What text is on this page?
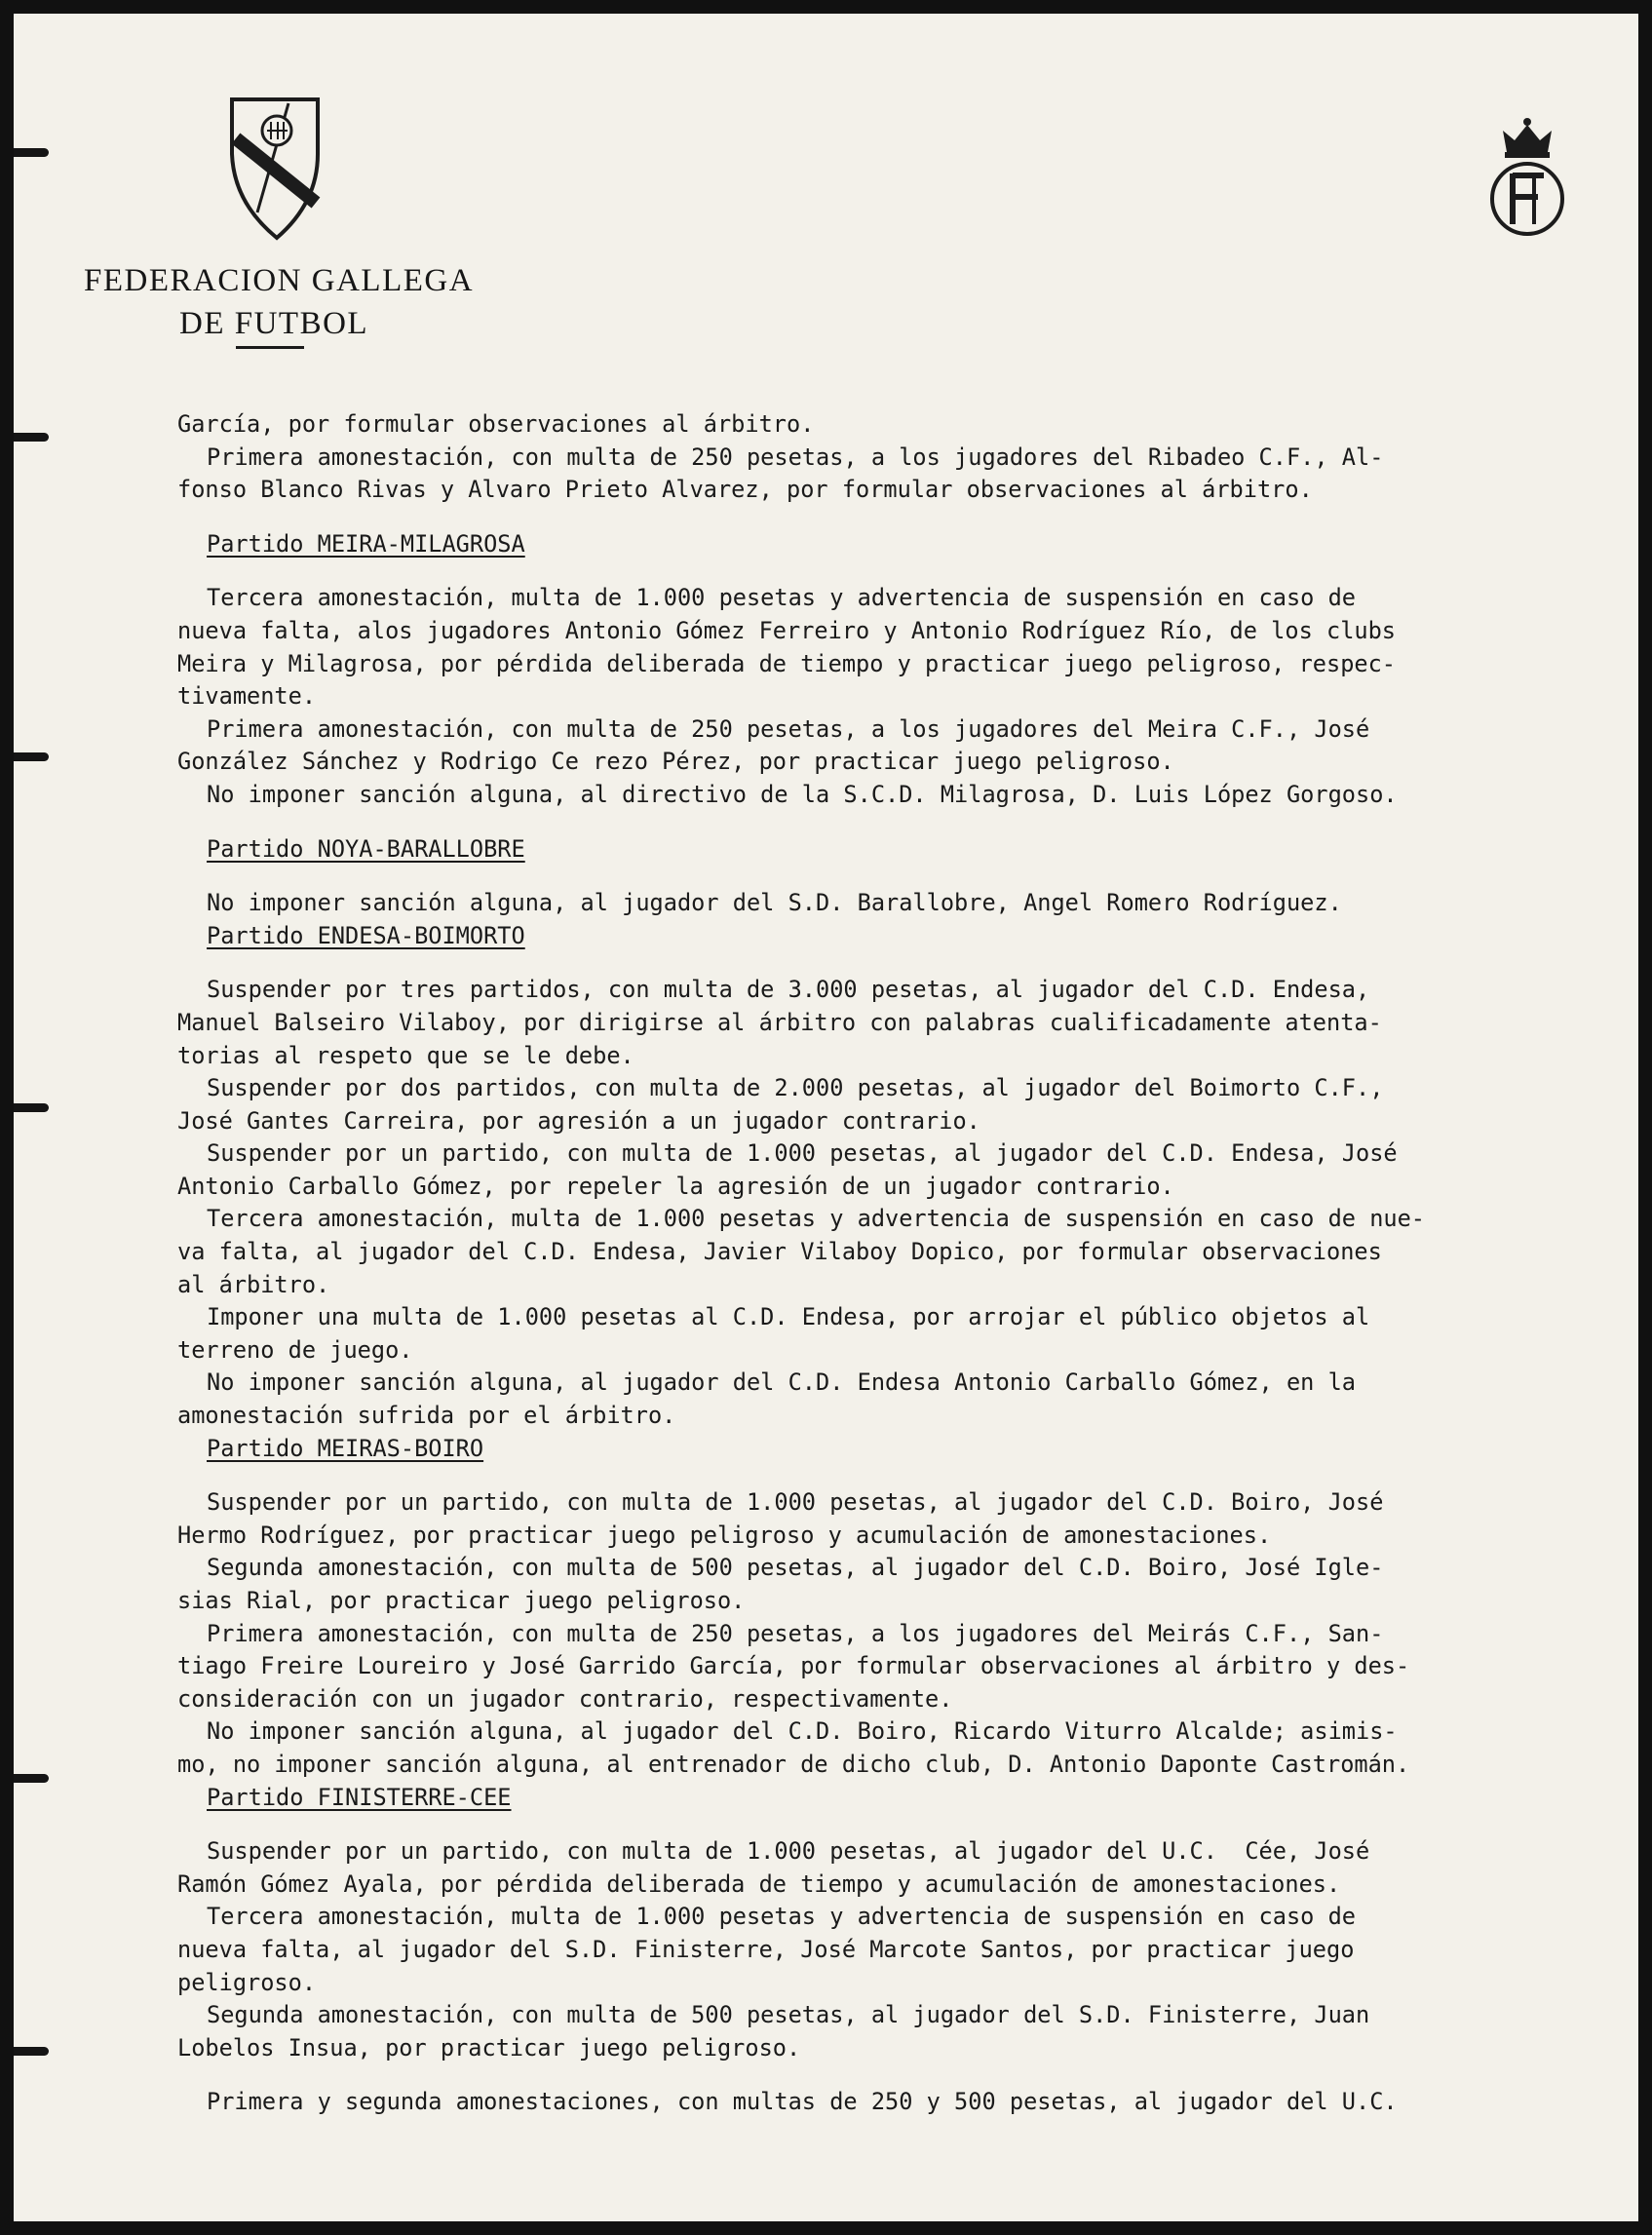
FEDERACION GALLEGA
DE FUTBOL
García, por formular observaciones al árbitro.
Primera amonestación, con multa de 250 pesetas, a los jugadores del Ribadeo C.F., Al-
fonso Blanco Rivas y Alvaro Prieto Alvarez, por formular observaciones al árbitro.
Partido MEIRA-MILAGROSA
Tercera amonestación, multa de 1.000 pesetas y advertencia de suspensión en caso de
nueva falta, alos jugadores Antonio Gómez Ferreiro y Antonio Rodríguez Río, de los clubs
Meira y Milagrosa, por pérdida deliberada de tiempo y practicar juego peligroso, respec-
tivamente.
Primera amonestación, con multa de 250 pesetas, a los jugadores del Meira C.F., José
González Sánchez y Rodrigo Ce rezo Pérez, por practicar juego peligroso.
No imponer sanción alguna, al directivo de la S.C.D. Milagrosa, D. Luis López Gorgoso.
Partido NOYA-BARALLOBRE
No imponer sanción alguna, al jugador del S.D. Barallobre, Angel Romero Rodríguez.
Partido ENDESA-BOIMORTO
Suspender por tres partidos, con multa de 3.000 pesetas, al jugador del C.D. Endesa,
Manuel Balseiro Vilaboy, por dirigirse al árbitro con palabras cualificadamente atenta-
torias al respeto que se le debe.
Suspender por dos partidos, con multa de 2.000 pesetas, al jugador del Boimorto C.F.,
José Gantes Carreira, por agresión a un jugador contrario.
Suspender por un partido, con multa de 1.000 pesetas, al jugador del C.D. Endesa, José
Antonio Carballo Gómez, por repeler la agresión de un jugador contrario.
Tercera amonestación, multa de 1.000 pesetas y advertencia de suspensión en caso de nue-
va falta, al jugador del C.D. Endesa, Javier Vilaboy Dopico, por formular observaciones
al árbitro.
Imponer una multa de 1.000 pesetas al C.D. Endesa, por arrojar el público objetos al
terreno de juego.
No imponer sanción alguna, al jugador del C.D. Endesa Antonio Carballo Gómez, en la
amonestación sufrida por el árbitro.
Partido MEIRAS-BOIRO
Suspender por un partido, con multa de 1.000 pesetas, al jugador del C.D. Boiro, José
Hermo Rodríguez, por practicar juego peligroso y acumulación de amonestaciones.
Segunda amonestación, con multa de 500 pesetas, al jugador del C.D. Boiro, José Igle-
sias Rial, por practicar juego peligroso.
Primera amonestación, con multa de 250 pesetas, a los jugadores del Meirás C.F., San-
tiago Freire Loureiro y José Garrido García, por formular observaciones al árbitro y des-
consideración con un jugador contrario, respectivamente.
No imponer sanción alguna, al jugador del C.D. Boiro, Ricardo Viturro Alcalde; asimis-
mo, no imponer sanción alguna, al entrenador de dicho club, D. Antonio Daponte Castromán.
Partido FINISTERRE-CEE
Suspender por un partido, con multa de 1.000 pesetas, al jugador del U.C.  Cée, José
Ramón Gómez Ayala, por pérdida deliberada de tiempo y acumulación de amonestaciones.
Tercera amonestación, multa de 1.000 pesetas y advertencia de suspensión en caso de
nueva falta, al jugador del S.D. Finisterre, José Marcote Santos, por practicar juego
peligroso.
Segunda amonestación, con multa de 500 pesetas, al jugador del S.D. Finisterre, Juan
Lobelos Insua, por practicar juego peligroso.
Primera y segunda amonestaciones, con multas de 250 y 500 pesetas, al jugador del U.C.
